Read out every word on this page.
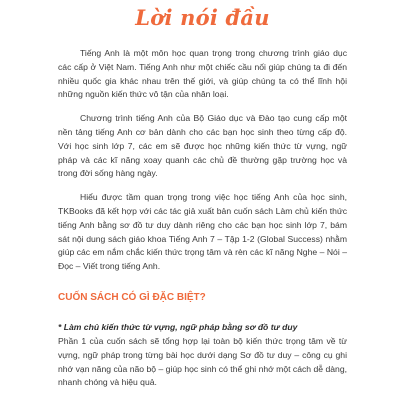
Lời nói đầu

Tiếng Anh là một môn học quan trọng trong chương trình giáo dục các cấp ở Việt Nam. Tiếng Anh như một chiếc cầu nối giúp chúng ta đi đến nhiều quốc gia khác nhau trên thế giới, và giúp chúng ta có thể lĩnh hội những nguồn kiến thức vô tận của nhân loại.

Chương trình tiếng Anh của Bộ Giáo dục và Đào tạo cung cấp một nền tảng tiếng Anh cơ bản dành cho các bạn học sinh theo từng cấp độ. Với học sinh lớp 7, các em sẽ được học những kiến thức từ vựng, ngữ pháp và các kĩ năng xoay quanh các chủ đề thường gặp trường học và trong đời sống hàng ngày.

Hiểu được tầm quan trọng trong việc học tiếng Anh của học sinh, TKBooks đã kết hợp với các tác giả xuất bản cuốn sách Làm chủ kiến thức tiếng Anh bằng sơ đồ tư duy dành riêng cho các bạn học sinh lớp 7, bám sát nội dung sách giáo khoa Tiếng Anh 7 – Tập 1-2 (Global Success) nhằm giúp các em nắm chắc kiến thức trọng tâm và rèn các kĩ năng Nghe – Nói – Đọc – Viết trong tiếng Anh.

CUỐN SÁCH CÓ GÌ ĐẶC BIỆT?
* Làm chủ kiến thức từ vựng, ngữ pháp bằng sơ đồ tư duy

Phần 1 của cuốn sách sẽ tổng hợp lại toàn bộ kiến thức trọng tâm về từ vựng, ngữ pháp trong từng bài học dưới dạng Sơ đồ tư duy – công cụ ghi nhớ vạn năng của não bộ – giúp học sinh có thể ghi nhớ một cách dễ dàng, nhanh chóng và hiệu quả.
